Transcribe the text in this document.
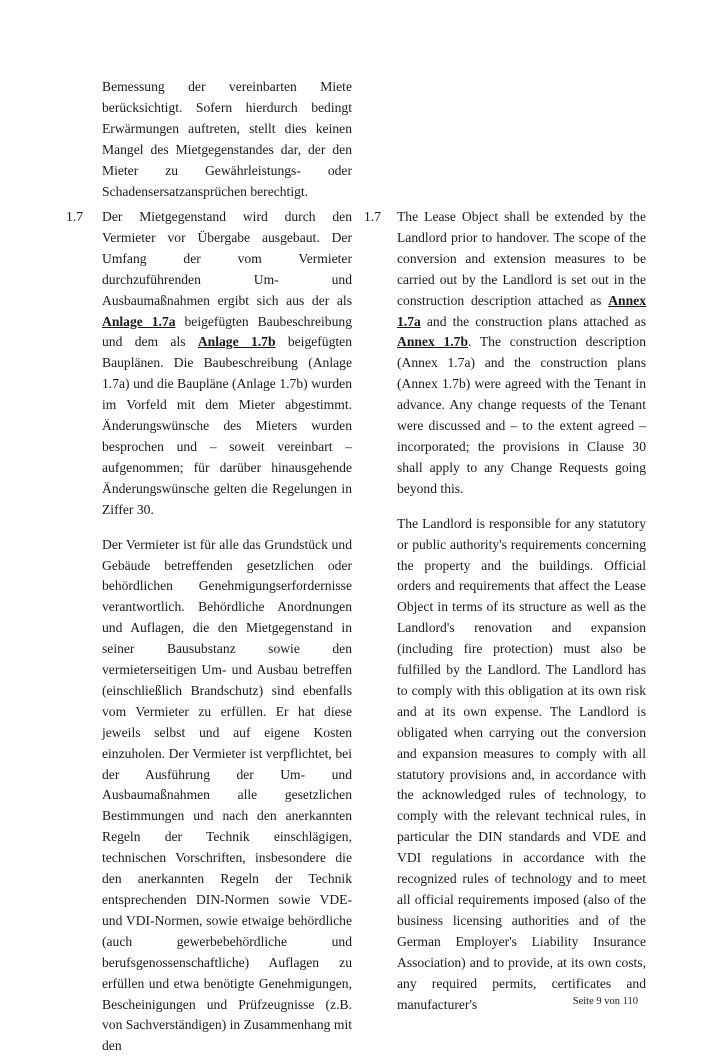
Bemessung der vereinbarten Miete berücksichtigt. Sofern hierdurch bedingt Erwärmungen auftreten, stellt dies keinen Mangel des Mietgegenstandes dar, der den Mieter zu Gewährleistungs- oder Schadensersatzansprüchen berechtigt.

1.7	1.7

Der Mietgegenstand wird durch den Vermieter vor Übergabe ausgebaut. Der Umfang der vom Vermieter durchzuführenden Um- und Ausbaumaßnahmen ergibt sich aus der als Anlage 1.7a beigefügten Baubeschreibung und dem als Anlage 1.7b beigefügten Bauplänen. Die Baubeschreibung (Anlage 1.7a) und die Baupläne (Anlage 1.7b) wurden im Vorfeld mit dem Mieter abgestimmt. Änderungswünsche des Mieters wurden besprochen und – soweit vereinbart – aufgenommen; für darüber hinausgehende Änderungswünsche gelten die Regelungen in Ziffer 30.

Der Vermieter ist für alle das Grundstück und Gebäude betreffenden gesetzlichen oder behördlichen Genehmigungserfordernisse verantwortlich. Behördliche Anordnungen und Auflagen, die den Mietgegenstand in seiner Bausubstanz sowie den vermieterseitigen Um- und Ausbau betreffen (einschließlich Brandschutz) sind ebenfalls vom Vermieter zu erfüllen. Er hat diese jeweils selbst und auf eigene Kosten einzuholen. Der Vermieter ist verpflichtet, bei der Ausführung der Um- und Ausbaumaßnahmen alle gesetzlichen Bestimmungen und nach den anerkannten Regeln der Technik einschlägigen, technischen Vorschriften, insbesondere die den anerkannten Regeln der Technik entsprechenden DIN-Normen sowie VDE- und VDI-Normen, sowie etwaige behördliche (auch gewerbebehördliche und berufsgenossenschaftliche) Auflagen zu erfüllen und etwa benötigte Genehmigungen, Bescheinigungen und Prüfzeugnisse (z.B. von Sachverständigen) in Zusammenhang mit den

The Lease Object shall be extended by the Landlord prior to handover. The scope of the conversion and extension measures to be carried out by the Landlord is set out in the construction description attached as Annex 1.7a and the construction plans attached as Annex 1.7b. The construction description (Annex 1.7a) and the construction plans (Annex 1.7b) were agreed with the Tenant in advance. Any change requests of the Tenant were discussed and – to the extent agreed – incorporated; the provisions in Clause 30 shall apply to any Change Requests going beyond this.

The Landlord is responsible for any statutory or public authority's requirements concerning the property and the buildings. Official orders and requirements that affect the Lease Object in terms of its structure as well as the Landlord's renovation and expansion (including fire protection) must also be fulfilled by the Landlord. The Landlord has to comply with this obligation at its own risk and at its own expense. The Landlord is obligated when carrying out the conversion and expansion measures to comply with all statutory provisions and, in accordance with the acknowledged rules of technology, to comply with the relevant technical rules, in particular the DIN standards and VDE and VDI regulations in accordance with the recognized rules of technology and to meet all official requirements imposed (also of the business licensing authorities and of the German Employer's Liability Insurance Association) and to provide, at its own costs, any required permits, certificates and manufacturer's	Seite 9 von 110
